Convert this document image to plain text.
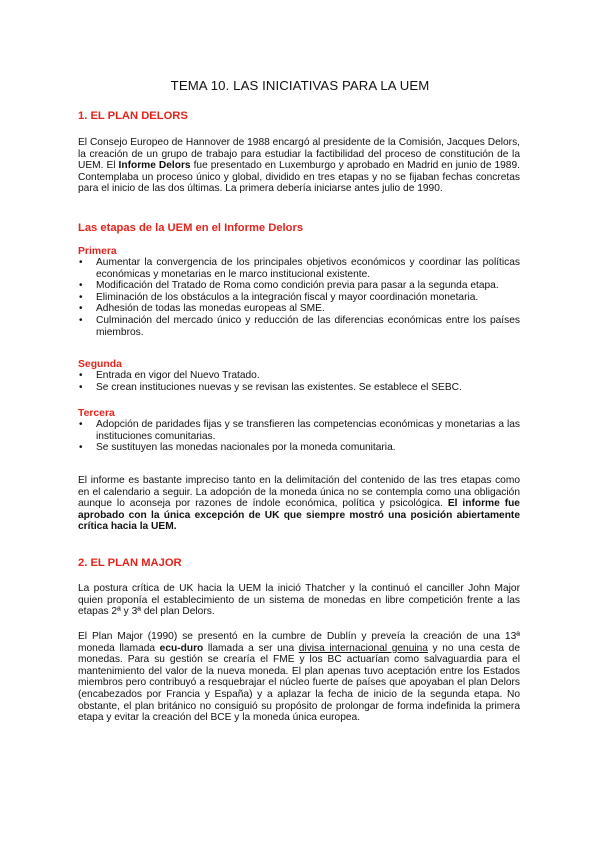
TEMA 10. LAS INICIATIVAS PARA LA UEM

1. EL PLAN DELORS

El Consejo Europeo de Hannover de 1988 encargó al presidente de la Comisión, Jacques Delors, la creación de un grupo de trabajo para estudiar la factibilidad del proceso de constitución de la UEM. El Informe Delors fue presentado en Luxemburgo y aprobado en Madrid en junio de 1989. Contemplaba un proceso único y global, dividido en tres etapas y no se fijaban fechas concretas para el inicio de las dos últimas. La primera debería iniciarse antes julio de 1990.

Las etapas de la UEM en el Informe Delors

Primera

• Aumentar la convergencia de los principales objetivos económicos y coordinar las políticas económicas y monetarias en le marco institucional existente.
• Modificación del Tratado de Roma como condición previa para pasar a la segunda etapa.
• Eliminación de los obstáculos a la integración fiscal y mayor coordinación monetaria.
• Adhesión de todas las monedas europeas al SME.
• Culminación del mercado único y reducción de las diferencias económicas entre los países miembros.

Segunda

• Entrada en vigor del Nuevo Tratado.
• Se crean instituciones nuevas y se revisan las existentes. Se establece el SEBC.

Tercera

• Adopción de paridades fijas y se transfieren las competencias económicas y monetarias a las instituciones comunitarias.
• Se sustituyen las monedas nacionales por la moneda comunitaria.

El informe es bastante impreciso tanto en la delimitación del contenido de las tres etapas como en el calendario a seguir. La adopción de la moneda única no se contempla como una obligación aunque lo aconseja por razones de índole económica, política y psicológica. El informe fue aprobado con la única excepción de UK que siempre mostró una posición abiertamente crítica hacia la UEM.

2. EL PLAN MAJOR

La postura crítica de UK hacia la UEM la inició Thatcher y la continuó el canciller John Major quien proponía el establecimiento de un sistema de monedas en libre competición frente a las etapas 2ª y 3ª del plan Delors.

El Plan Major (1990) se presentó en la cumbre de Dublín y preveía la creación de una 13ª moneda llamada ecu-duro llamada a ser una divisa internacional genuina y no una cesta de monedas. Para su gestión se crearía el FME y los BC actuarían como salvaguardia para el mantenimiento del valor de la nueva moneda. El plan apenas tuvo aceptación entre los Estados miembros pero contribuyó a resquebrajar el núcleo fuerte de países que apoyaban el plan Delors (encabezados por Francia y España) y a aplazar la fecha de inicio de la segunda etapa. No obstante, el plan británico no consiguió su propósito de prolongar de forma indefinida la primera etapa y evitar la creación del BCE y la moneda única europea.
